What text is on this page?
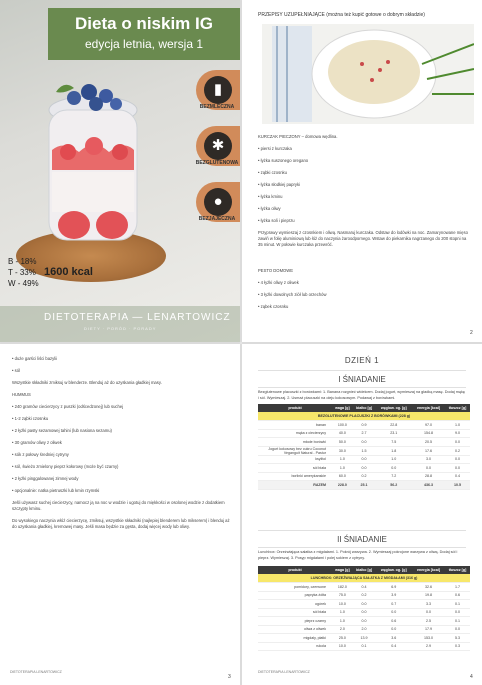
Dieta o niskim IG
edycja letnia, wersja 1
▮
BEZMLECZNA
✱
BEZGLUTENOWA
●
BEZJAJECZNA
B - 18%
T - 33%
W - 49%
1600 kcal
DIETOTERAPIA — LENARTOWICZ
DIETY · PORÓD · PORADY
PRZEPISY UZUPEŁNIAJĄCE (można też kupić gotowe o dobrym składzie)
KURCZAK PIECZONY – domowa wędlina.
• piersi z kurczaka
• łyżka suszonego oregano
• ząbki czosnku
• łyżka słodkiej papryki
• łyżka kminu
• łyżka oliwy
• łyżka soli i pieprzu
Przyprawy wymieszaj z czosnkiem i oliwą. Nasmaruj kurczaka. Odstaw do lodówki na noc. Zamarynowane mięso zawiń w folię aluminiową lub łóż do naczynia żaroodpornego. Wstaw do piekarnika nagrzanego do 200 stopni na 35 minut. W połowie kurczaka przewróć.
PESTO DOMOWE
• 4 łyżki oliwy z oliwek
• 3 łyżki dowolnych ziół lub orzechów
• ząbek czosnku
2
• duże garści liści bazylii
• sól
Wszystkie składniki zmiksuj w blenderze. Blenduj aż do uzyskania gładkiej masy.
HUMMUS
• 240 gramów ciecierzycy z puszki (odścedzonej) lub suchej
• 1-2 ząbki czosnku
• 2 łyżki pasty sezamowej tahini (lub nasiona sezamu)
• 30 gramów oliwy z oliwek
• sók z połowy średniej cytryny
• sól, świeżo zmielony pieprz kołorowy (może być czarny)
• 2 łyżki pinggalowanej zimnej wody
• opcjonalnie: natka pietruszki lub kmin rzymski
Jeśli używasz suchej ciecierzycy, namocz ją na noc w wodzie i ugotuj do miękkości w osolonej wodzie z dodatkiem szczypty kminu.
Do wysokiego naczynia włóż ciecierzycę, zmiksuj, wszystkie składniki (najlepiej blenderem lub mikserem) i blenduj aż do uzyskania gładkiej, kremowej masy. Jeśli masa będzie za gęsta, dodaj więcej wody lub oliwy.
DIETOTERAPIA LENARTOWICZ
3
DZIEŃ 1
I ŚNIADANIE
Bezglutenowe placuszki z borówkami: 1. Banana rozgnieć widelcem. Dodaj jogurt, wymieszaj na gładką masę. Dodaj mąkę i sól. Wymieszaj. 2. Usmaż placuszki na oleju kokosowym. Podawaj z borówkami.
produkt	waga [g]	białko [g]	węglow. og. [g]	energia [kcal]	tłuszcz [g]
BEZGLUTENOWE PLACUSZKI Z BORÓWKAMI (228 g)					
banan	100.0	0.9	22.8	97.0	1.0
mąka z ciecierzycy	40.0	2.7	23.1	154.8	9.0
młode borówki	50.0	0.0	7.5	20.5	0.0
Jogurt kokosowy bez cukru Coconut Veganguit Natural - Pastur	30.0	1.5	1.8	17.6	0.2
ksylitol	1.0	0.0	1.0	3.0	0.0
sól biała	1.0	0.0	0.0	0.0	0.0
borlinki amerykanskie	60.0	0.2	7.2	28.8	0.4
RAZEM	228.0	25.1	56.2	436.3	10.5
II ŚNIADANIE
Lunchbox: Orzeźwiająca sałatka z migdałami. 1. Pokrój warzywa. 2. Wymieszaj pokrojone warzywa z oliwą. Dodaj sól i pieprz. Wymieszaj. 3. Posyp migdałami i polej sokiem z cytryny.
produkt	waga [g]	białko [g]	węglow. og. [g]	energia [kcal]	tłuszcz [g]
LUNCHBOX: ORZEŹWIAJĄCA SAŁATKA Z MIGDAŁAMI (316 g)					
pomidory, czerwone	182.0	0.4	6.9	32.6	1.7
papryka żółta	75.0	0.2	3.9	19.8	0.6
ogórek	10.0	0.0	0.7	3.3	0.1
sól biała	1.0	0.0	0.0	0.0	0.0
pieprz czarny	1.0	0.0	0.6	2.5	0.1
oliwa z oliwek	2.0	2.0	0.0	17.9	0.0
migdały, płatki	25.0	13.9	3.6	153.0	5.3
rukola	10.0	0.1	0.4	2.9	0.3
DIETOTERAPIA LENARTOWICZ
4
